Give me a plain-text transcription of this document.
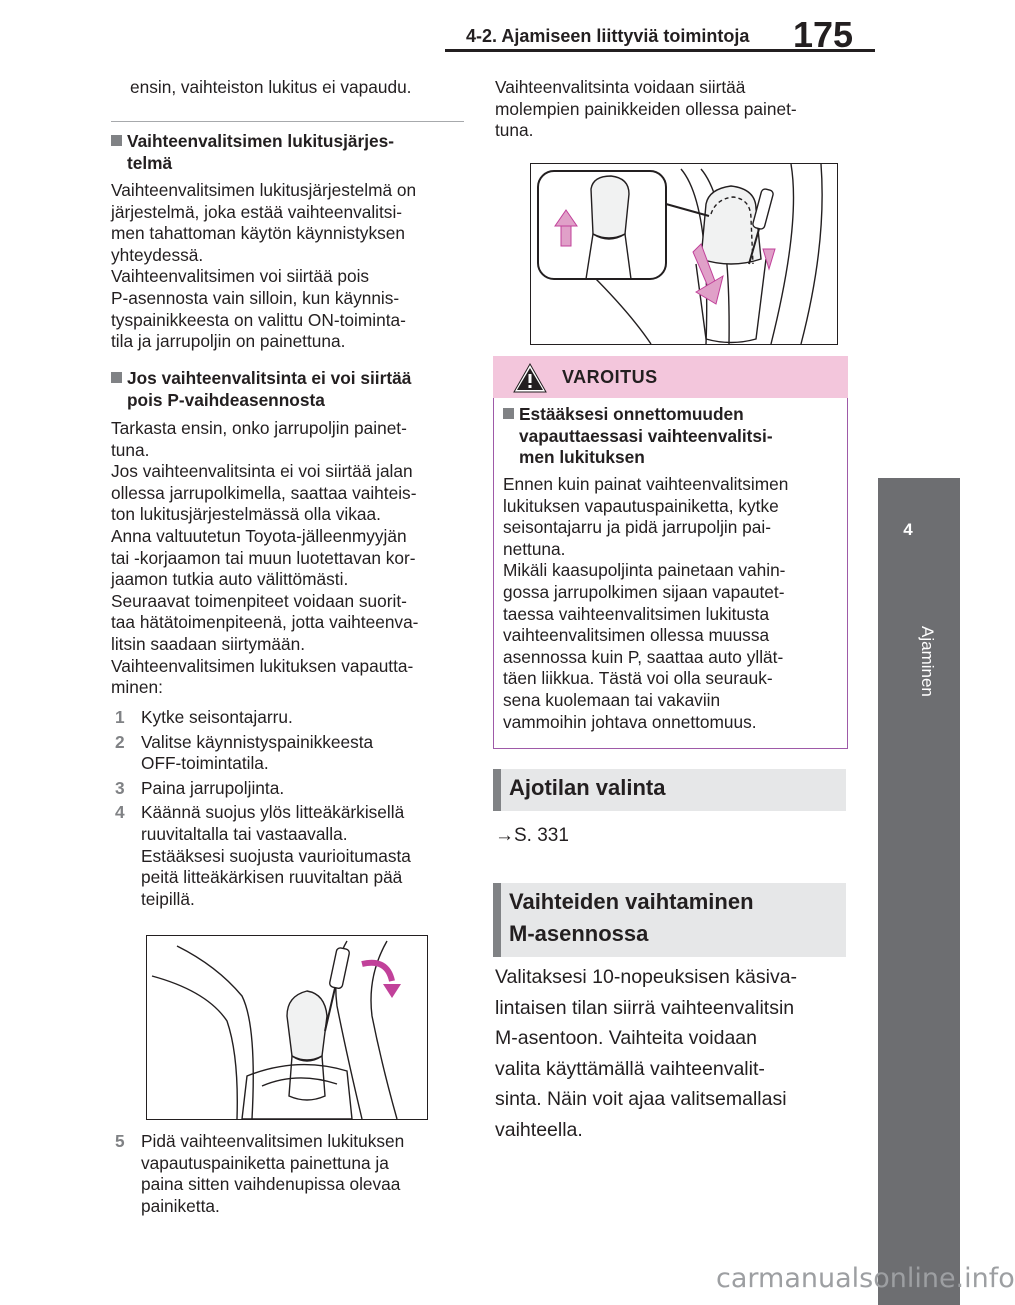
4-2. Ajamiseen liittyviä toimintoja 175
4
Ajaminen
ensin, vaihteiston lukitus ei vapaudu.
Vaihteenvalitsimen lukitusjärjes-
telmä
Vaihteenvalitsimen lukitusjärjestelmä on
järjestelmä, joka estää vaihteenvalitsi-
men tahattoman käytön käynnistyksen
yhteydessä.
Vaihteenvalitsimen voi siirtää pois
P-asennosta vain silloin, kun käynnis-
tyspainikkeesta on valittu ON-toiminta-
tila ja jarrupoljin on painettuna.
Jos vaihteenvalitsinta ei voi siirtää
pois P-vaihdeasennosta
Tarkasta ensin, onko jarrupoljin painet-
tuna.
Jos vaihteenvalitsinta ei voi siirtää jalan
ollessa jarrupolkimella, saattaa vaihteis-
ton lukitusjärjestelmässä olla vikaa.
Anna valtuutetun Toyota-jälleenmyyjän
tai -korjaamon tai muun luotettavan kor-
jaamon tutkia auto välittömästi.
Seuraavat toimenpiteet voidaan suorit-
taa hätätoimenpiteenä, jotta vaihteenva-
litsin saadaan siirtymään.
Vaihteenvalitsimen lukituksen vapautta-
minen:
1 Kytke seisontajarru.
2 Valitse käynnistyspainikkeesta
OFF-toimintatila.
3 Paina jarrupoljinta.
4 Käännä suojus ylös litteäkärkisellä
ruuvitaltalla tai vastaavalla.
Estääksesi suojusta vaurioitumasta
peitä litteäkärkisen ruuvitaltan pää
teipillä.
5 Pidä vaihteenvalitsimen lukituksen
vapautuspainiketta painettuna ja
paina sitten vaihdenupissa olevaa
painiketta.
Vaihteenvalitsinta voidaan siirtää
molempien painikkeiden ollessa painet-
tuna.
VAROITUS
Estääksesi onnettomuuden
vapauttaessasi vaihteenvalitsi-
men lukituksen
Ennen kuin painat vaihteenvalitsimen
lukituksen vapautuspainiketta, kytke
seisontajarru ja pidä jarrupoljin pai-
nettuna.
Mikäli kaasupoljinta painetaan vahin-
gossa jarrupolkimen sijaan vapautet-
taessa vaihteenvalitsimen lukitusta
vaihteenvalitsimen ollessa muussa
asennossa kuin P, saattaa auto yllät-
täen liikkua. Tästä voi olla seurauk-
sena kuolemaan tai vakaviin
vammoihin johtava onnettomuus.
Ajotilan valinta
→S. 331
Vaihteiden vaihtaminen
M-asennossa
Valitaksesi 10-nopeuksisen käsiva-
lintaisen tilan siirrä vaihteenvalitsin
M-asentoon. Vaihteita voidaan
valita käyttämällä vaihteenvalit-
sinta. Näin voit ajaa valitsemallasi
vaihteella.
carmanualsonline.info
